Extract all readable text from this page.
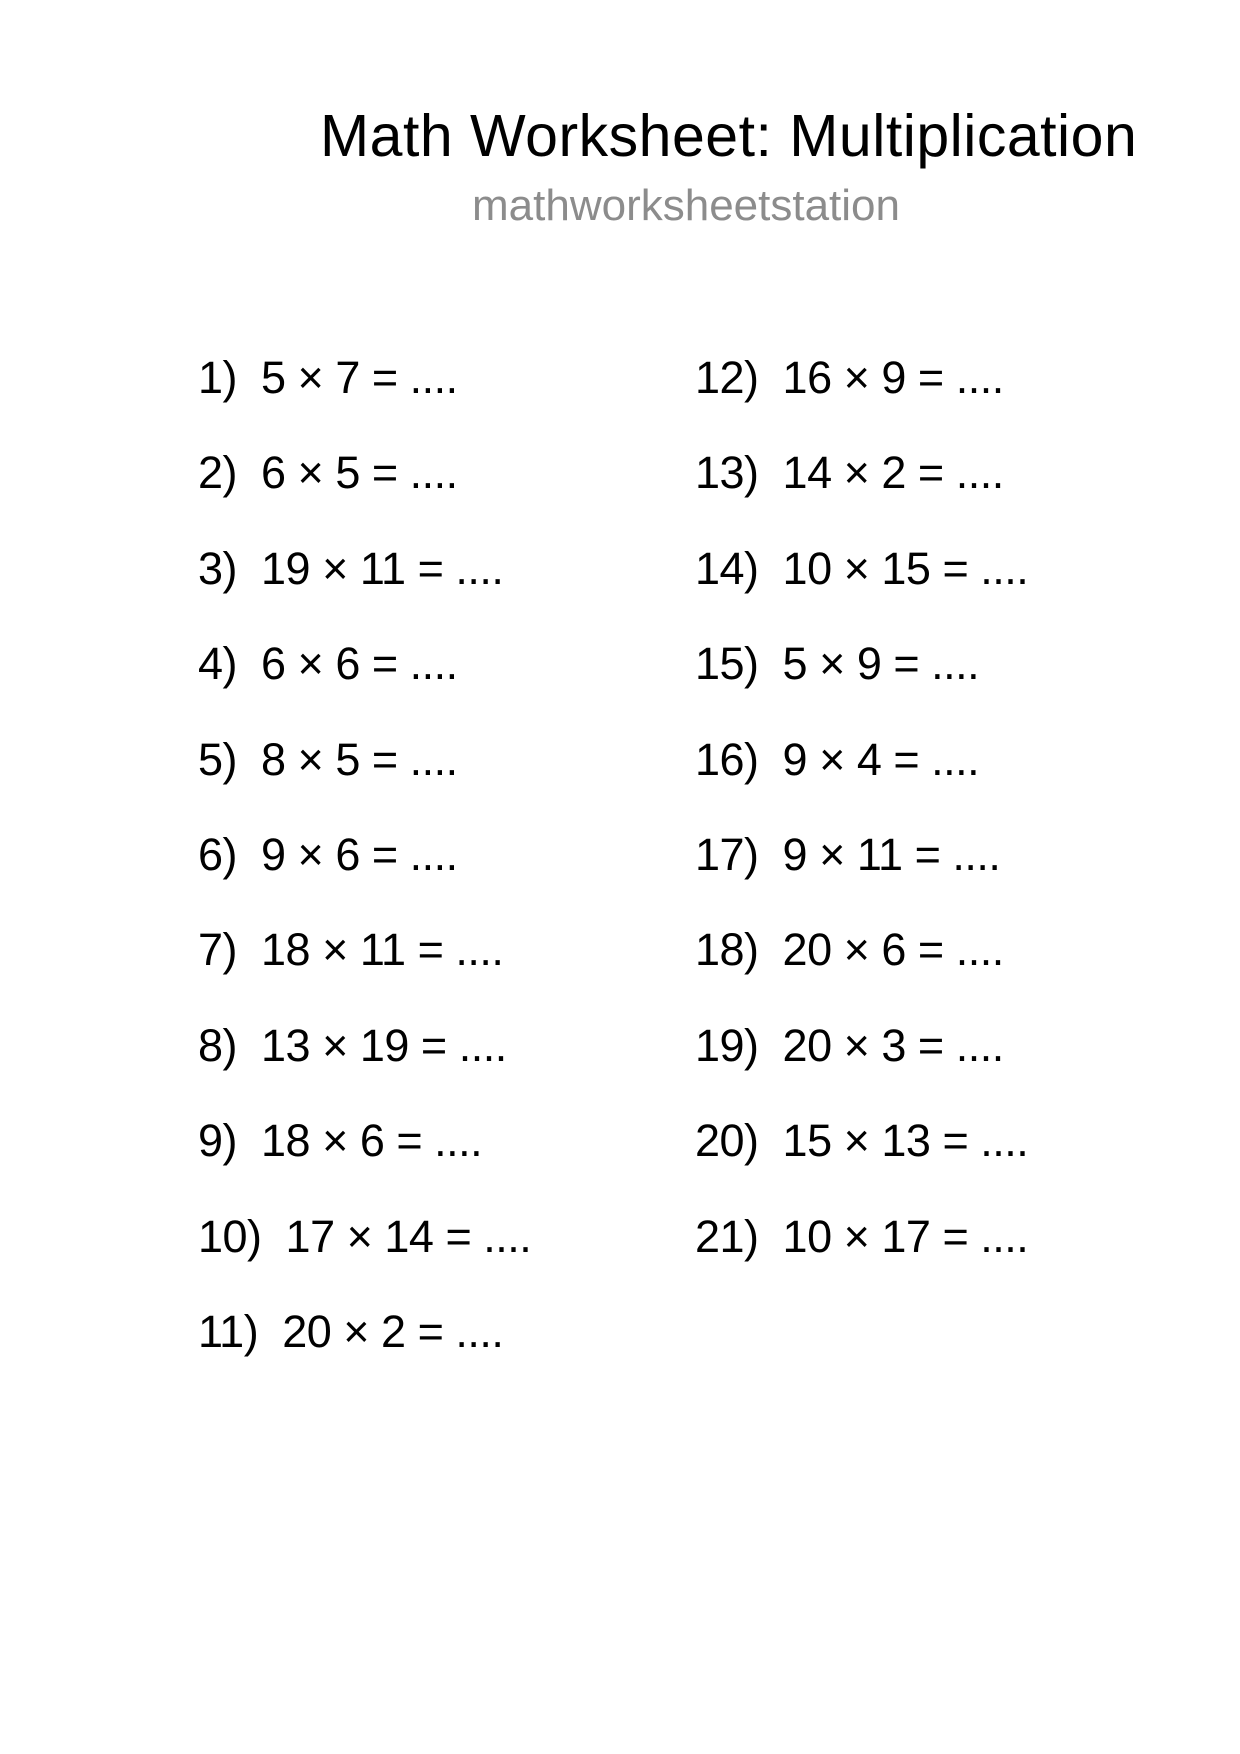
Math Worksheet: Multiplication
mathworksheetstation
1) 5 × 7 = ....
2) 6 × 5 = ....
3) 19 × 11 = ....
4) 6 × 6 = ....
5) 8 × 5 = ....
6) 9 × 6 = ....
7) 18 × 11 = ....
8) 13 × 19 = ....
9) 18 × 6 = ....
10) 17 × 14 = ....
11) 20 × 2 = ....
12) 16 × 9 = ....
13) 14 × 2 = ....
14) 10 × 15 = ....
15) 5 × 9 = ....
16) 9 × 4 = ....
17) 9 × 11 = ....
18) 20 × 6 = ....
19) 20 × 3 = ....
20) 15 × 13 = ....
21) 10 × 17 = ....
